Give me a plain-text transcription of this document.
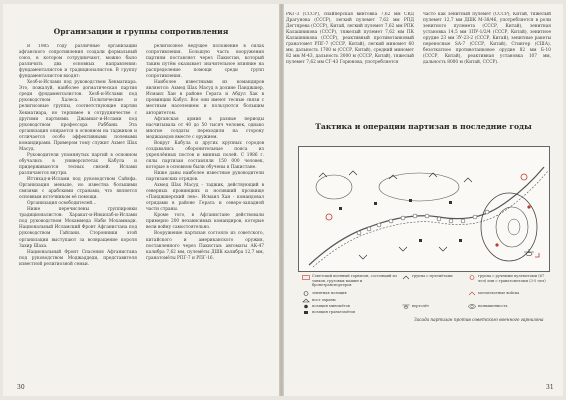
Организации и группы сопротивления

В 1985 году различные организации афганского сопротивления создали формальный союз, в котором сотрудничают, можно было различить два основных направления: фундаменталистов и традиционалистов. В группу фундаменталистов входят:

Хезб-и-Ислами под руководством Хекматиара. Это, пожалуй, наиболее догматическая партия среди фундаменталистов. Хезб-и-Ислами под руководством Халеса. Политические и религиозные группы, соответствующие партии Хекматиара, но терпимее в сотрудничестве с другими партиями. Джамиат-и-Ислами под руководством профессора Раббани. Эта организация опирается в основном на таджиков и отличается особо эффективными полевыми командирами. Примером тому служит Ахмет Шах Масуд.

Руководители упомянутых партий в основном обучались в университетах Кабула и придерживаются тесных связей. Ислами различаются внутри.

Иттихад-и-Ислами под руководством Сайяфа. Организация меньше, но известна большими связями с арабскими странами, что является основным источником её помощи.

Организация освободителей...

Ниже перечислены группировки традиционалистов: Харакат-и-Инкилаб-и-Ислами под руководством Мохаммеда Наби Мохаммади. Национальный Исламский Фронт Афганистана под руководством Гайлани. Сторонники этой организации выступают за возвращение короля Захир Шаха.

Национальный Фронт Спасения Афганистана под руководством Моджаддеди, представителя известной религиозной семьи.

религиозное ведущее положение в силах сопротивления. Большую часть вооружения партиям поставляет через Пакистан, который таким путём оказывает значительное влияние на распределение помощи среди групп сопротивления.

Наиболее известными из командиров являются: Ахмед Шах Масуд в долине Панджшер, Исмаил Хан в районе Герата и Абдул Хак в провинции Кабул. Все они имеют тесные связи с местным населением и пользуются большим авторитетом.

Афганская армия в разные периоды насчитывала от 40 до 50 тысяч человек, однако многие солдаты переходили на сторону моджахедов вместе с оружием.

Вокруг Кабула и других крупных городов создавались оборонительные пояса из укреплённых постов и минных полей. С 1986 г. силы партизан составляли 150 000 человек, которые в основном были обучены в Пакистане.

Ниже даны наиболее известные руководители партизанских отрядов.

Ахмед Шах Масуд - таджик, действующий в северных провинциях и носивший прозвище «Панджшерский лев». Исмаил Хан - командовал отрядами в районе Герата и северо-западной части страны.

Кроме того, в Афганистане действовали примерно 200 независимых командиров, которые вели войну самостоятельно.

Вооружение партизан состояло из советского, китайского и американского оружия, поставленного через Пакистан: автоматы АК-47 калибра 7,62 мм, пулемёты ДШК калибра 12,7 мм, гранатомёты РПГ-7 и РПГ-16.

30

РКГ-3 (СССР), снайперская винтовка 7,62 мм СВД Драгунова (СССР), легкий пулемет 7,62 мм РПД Дегтярева (СССР), Китай, легкий пулемет 7,62 мм РПК Калашникова (СССР), тяжелый пулемет 7,62 мм ПК Калашникова (СССР), реактивный противотанковый гранатомет РПГ-7 (СССР, Китай), легкий миномет 60 мм, дальность 1700 м (СССР, Китай), средний миномет 82 мм М-43, дальность 3000 м (СССР, Китай), тяжелый пулемет 7,62 мм СГ-43 Горюнова, употребляется

часто как зенитный пулемет (СССР), Китай, тяжелый пулемет 12,7 мм ДШК М-38/46, употребляется в роли зенитного пулемета (СССР, Китай), зенитная установка 14,5 мм ЗПУ-1/2/4 (СССР, Китай), зенитное орудие 23 мм ЗУ-23-2 (СССР, Китай), зенитные ракеты переносные SA-7 (СССР, Китай), Стингер (США), безоткатное противотанковое орудие 82 мм Б-10 (СССР, Китай), реактивная установка 107 мм, дальность 8000 м (Китай, СССР).

Тактика и операции партизан в последние годы
Советский военный гарнизон, состоящий из танков, грузовых машин и бронетранспортеров
зенитная позиция
пост охраны
позиция миномётов
позиция гранатомётов
группа с пулемётами
вертолёт
группа с ручными пулеметами (67 чел) или с гранатометами (3-5 чел)
мотопехотные войска
возвышенность
Засада партизан против советского военного гарнизона
31
